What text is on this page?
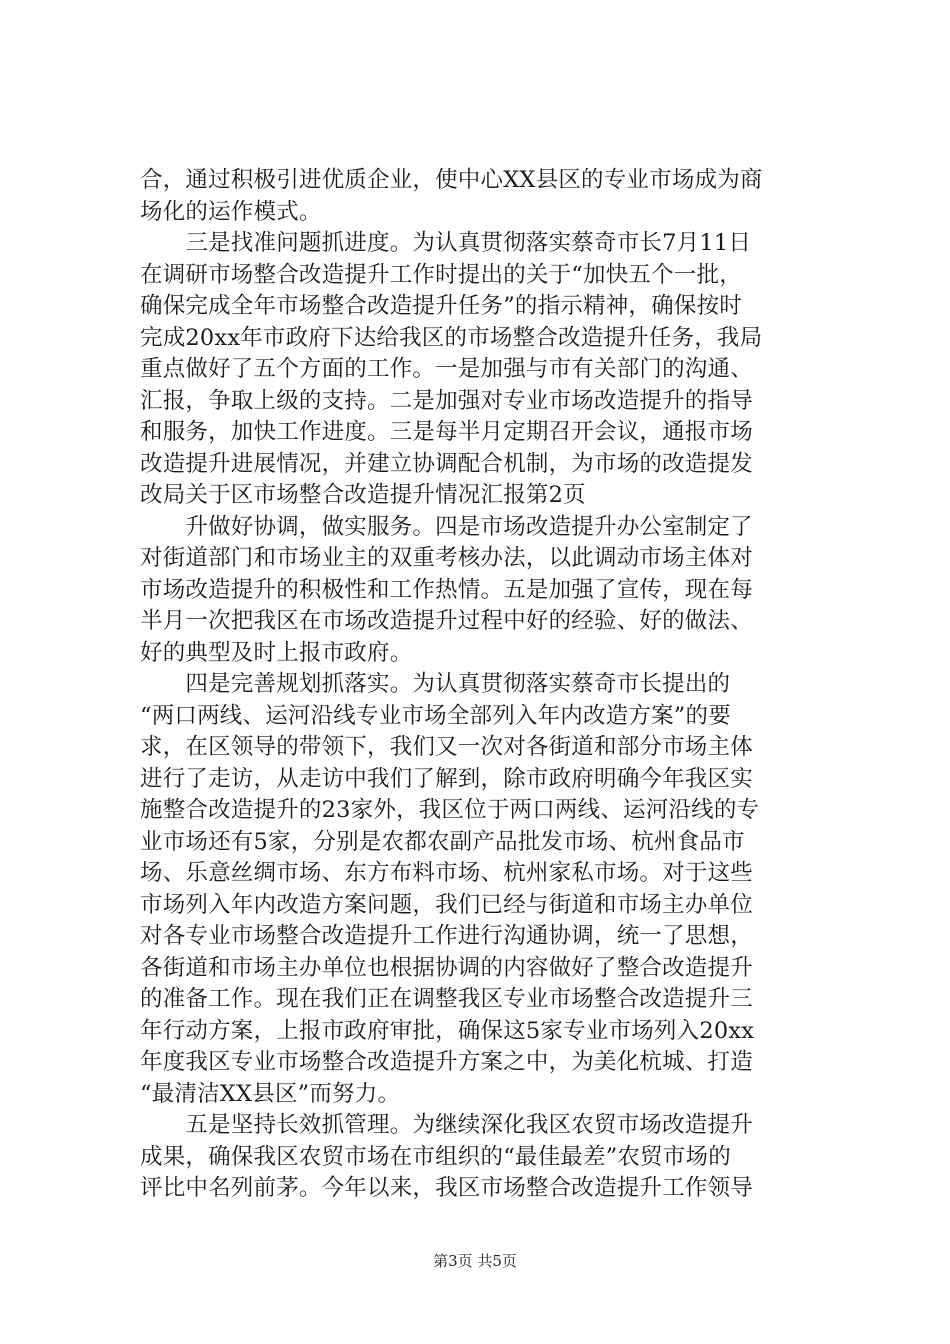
合，通过积极引进优质企业，使中心XX县区的专业市场成为商
场化的运作模式。
　　三是找准问题抓进度。为认真贯彻落实蔡奇市长7月11日
在调研市场整合改造提升工作时提出的关于“加快五个一批，
确保完成全年市场整合改造提升任务”的指示精神，确保按时
完成20xx年市政府下达给我区的市场整合改造提升任务，我局
重点做好了五个方面的工作。一是加强与市有关部门的沟通、
汇报，争取上级的支持。二是加强对专业市场改造提升的指导
和服务，加快工作进度。三是每半月定期召开会议，通报市场
改造提升进展情况，并建立协调配合机制，为市场的改造提发
改局关于区市场整合改造提升情况汇报第2页
　　升做好协调，做实服务。四是市场改造提升办公室制定了
对街道部门和市场业主的双重考核办法，以此调动市场主体对
市场改造提升的积极性和工作热情。五是加强了宣传，现在每
半月一次把我区在市场改造提升过程中好的经验、好的做法、
好的典型及时上报市政府。
　　四是完善规划抓落实。为认真贯彻落实蔡奇市长提出的
“两口两线、运河沿线专业市场全部列入年内改造方案”的要
求，在区领导的带领下，我们又一次对各街道和部分市场主体
进行了走访，从走访中我们了解到，除市政府明确今年我区实
施整合改造提升的23家外，我区位于两口两线、运河沿线的专
业市场还有5家，分别是农都农副产品批发市场、杭州食品市
场、乐意丝绸市场、东方布料市场、杭州家私市场。对于这些
市场列入年内改造方案问题，我们已经与街道和市场主办单位
对各专业市场整合改造提升工作进行沟通协调，统一了思想，
各街道和市场主办单位也根据协调的内容做好了整合改造提升
的准备工作。现在我们正在调整我区专业市场整合改造提升三
年行动方案，上报市政府审批，确保这5家专业市场列入20xx
年度我区专业市场整合改造提升方案之中，为美化杭城、打造
“最清洁XX县区”而努力。
　　五是坚持长效抓管理。为继续深化我区农贸市场改造提升
成果，确保我区农贸市场在市组织的“最佳最差”农贸市场的
评比中名列前茅。今年以来，我区市场整合改造提升工作领导
第3页 共5页
